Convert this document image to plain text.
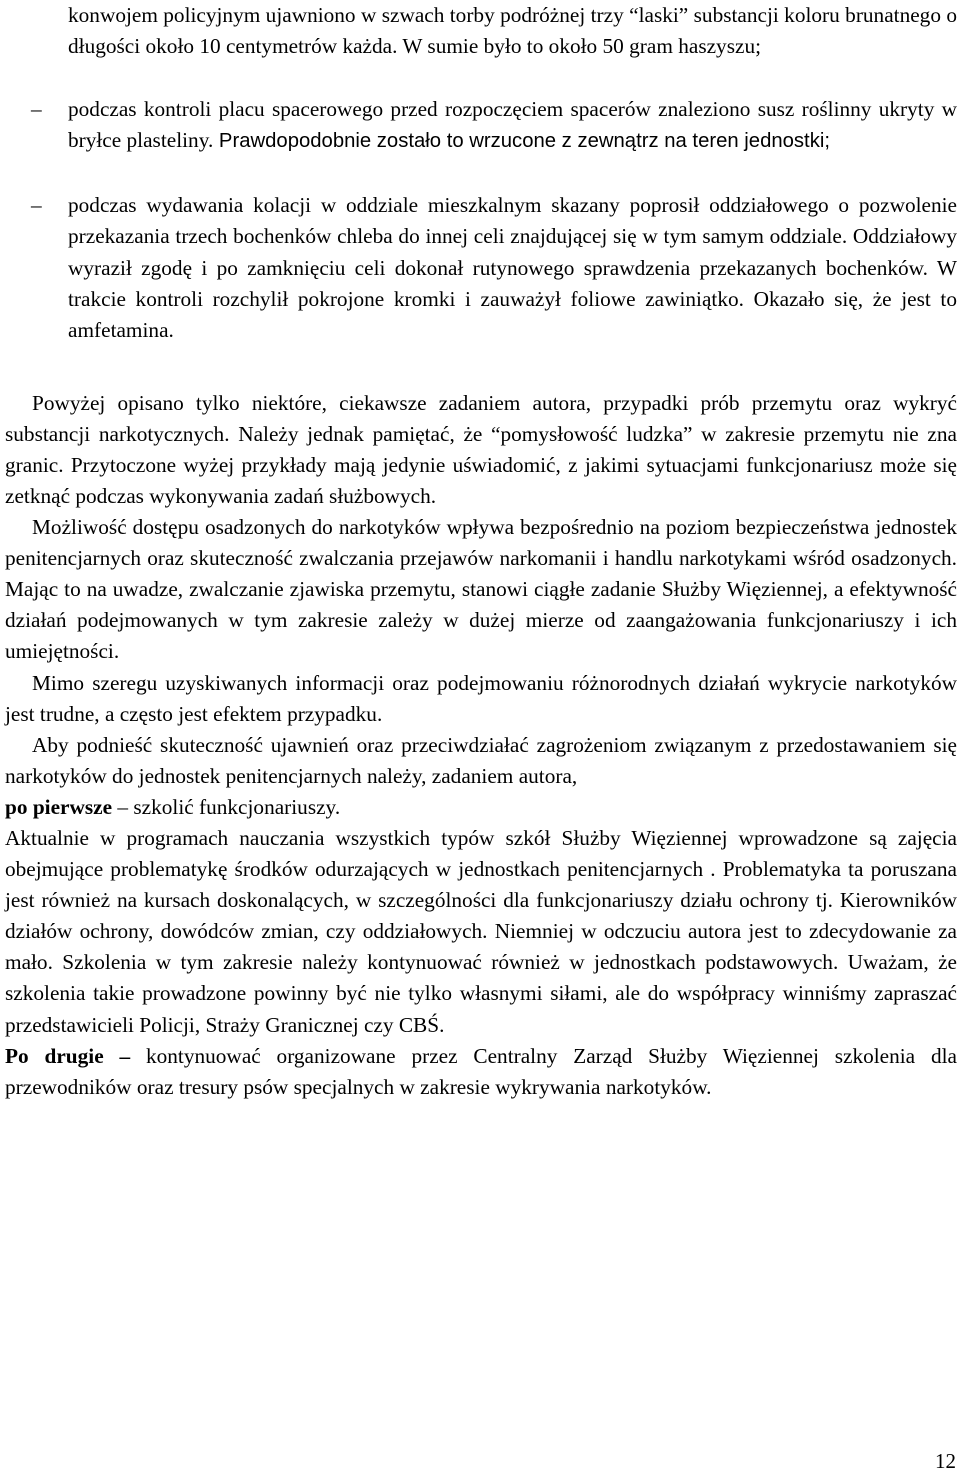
konwojem policyjnym ujawniono w szwach torby podróżnej trzy “laski” substancji koloru brunatnego o długości około 10 centymetrów każda. W sumie było to około 50 gram haszyszu;
– podczas kontroli placu spacerowego przed rozpoczęciem spacerów znaleziono susz roślinny ukryty w bryłce plasteliny. Prawdopodobnie zostało to wrzucone z zewnątrz na teren jednostki;
– podczas wydawania kolacji w oddziale mieszkalnym skazany poprosił oddziałowego o pozwolenie przekazania trzech bochenków chleba do innej celi znajdującej się w tym samym oddziale. Oddziałowy wyraził zgodę i po zamknięciu celi dokonał rutynowego sprawdzenia przekazanych bochenków. W trakcie kontroli rozchylił pokrojone kromki i zauważył foliowe zawiniątko. Okazało się, że jest to amfetamina.

Powyżej opisano tylko niektóre, ciekawsze zadaniem autora, przypadki prób przemytu oraz wykryć substancji narkotycznych. Należy jednak pamiętać, że “pomysłowość ludzka” w zakresie przemytu nie zna granic. Przytoczone wyżej przykłady mają jedynie uświadomić, z jakimi sytuacjami funkcjonariusz może się zetknąć podczas wykonywania zadań służbowych.

Możliwość dostępu osadzonych do narkotyków wpływa bezpośrednio na poziom bezpieczeństwa jednostek penitencjarnych oraz skuteczność zwalczania przejawów narkomanii i handlu narkotykami wśród osadzonych. Mając to na uwadze, zwalczanie zjawiska przemytu, stanowi ciągłe zadanie Służby Więziennej, a efektywność działań podejmowanych w tym zakresie zależy w dużej mierze od zaangażowania funkcjonariuszy i ich umiejętności.

Mimo szeregu uzyskiwanych informacji oraz podejmowaniu różnorodnych działań wykrycie narkotyków jest trudne, a często jest efektem przypadku.

Aby podnieść skuteczność ujawnień oraz przeciwdziałać zagrożeniom związanym z przedostawaniem się narkotyków do jednostek penitencjarnych należy, zadaniem autora,

po pierwsze – szkolić funkcjonariuszy.

Aktualnie w programach nauczania wszystkich typów szkół Służby Więziennej wprowadzone są zajęcia obejmujące problematykę środków odurzających w jednostkach penitencjarnych . Problematyka ta poruszana jest również na kursach doskonalących, w szczególności dla funkcjonariuszy działu ochrony tj. Kierowników działów ochrony, dowódców zmian, czy oddziałowych. Niemniej w odczuciu autora jest to zdecydowanie za mało. Szkolenia w tym zakresie należy kontynuować również w jednostkach podstawowych. Uważam, że szkolenia takie prowadzone powinny być nie tylko własnymi siłami, ale do współpracy winniśmy zapraszać przedstawicieli Policji, Straży Granicznej czy CBŚ.

Po drugie – kontynuować organizowane przez Centralny Zarząd Służby Więziennej szkolenia dla przewodników oraz tresury psów specjalnych w zakresie wykrywania narkotyków.

12
